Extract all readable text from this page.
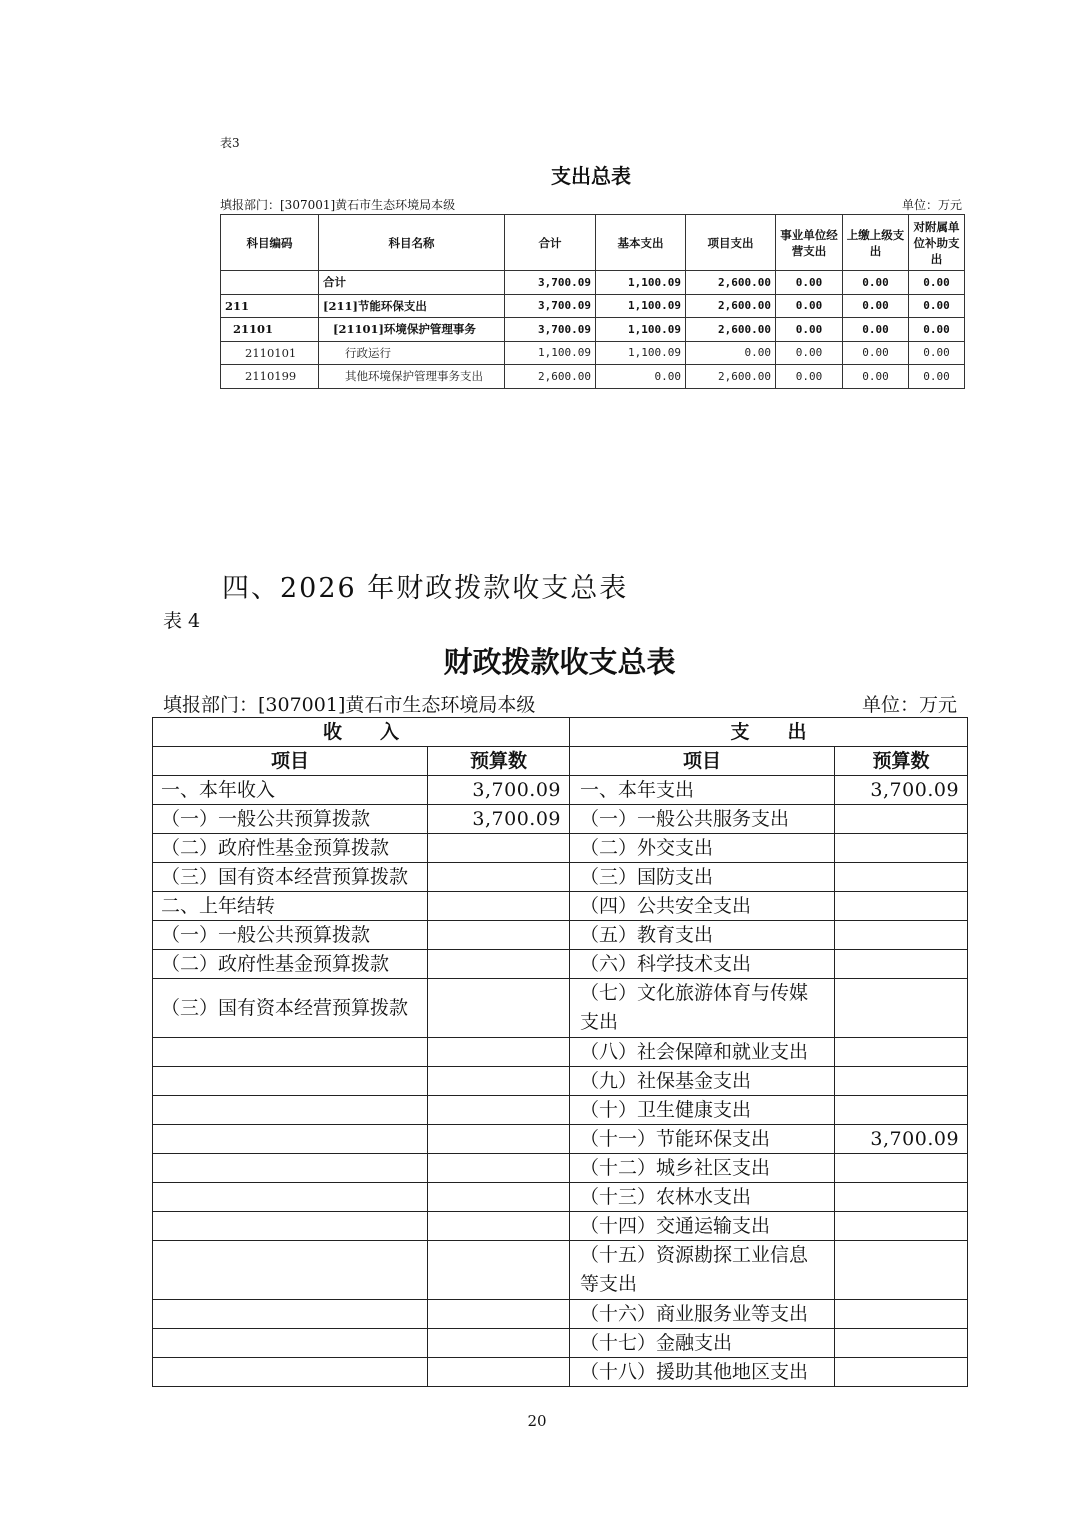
表3
支出总表
填报部门：[307001]黄石市生态环境局本级	单位：万元
科目编码	科目名称	合计	基本支出	项目支出	事业单位经营支出	上缴上级支出	对附属单位补助支出
	合计	3,700.09	1,100.09	2,600.00	0.00	0.00	0.00
211	[211]节能环保支出	3,700.09	1,100.09	2,600.00	0.00	0.00	0.00
21101	[21101]环境保护管理事务	3,700.09	1,100.09	2,600.00	0.00	0.00	0.00
2110101	行政运行	1,100.09	1,100.09	0.00	0.00	0.00	0.00
2110199	其他环境保护管理事务支出	2,600.00	0.00	2,600.00	0.00	0.00	0.00
四、2026 年财政拨款收支总表
表 4
财政拨款收支总表
填报部门：[307001]黄石市生态环境局本级	单位：万元
收　　入		支　　出	
项目	预算数	项目	预算数
一、本年收入	3,700.09	一、本年支出	3,700.09
（一）一般公共预算拨款	3,700.09	（一）一般公共服务支出	
（二）政府性基金预算拨款		（二）外交支出	
（三）国有资本经营预算拨款		（三）国防支出	
二、上年结转		（四）公共安全支出	
（一）一般公共预算拨款		（五）教育支出	
（二）政府性基金预算拨款		（六）科学技术支出	
（三）国有资本经营预算拨款		（七）文化旅游体育与传媒支出	
		（八）社会保障和就业支出	
		（九）社保基金支出	
		（十）卫生健康支出	
		（十一）节能环保支出	3,700.09
		（十二）城乡社区支出	
		（十三）农林水支出	
		（十四）交通运输支出	
		（十五）资源勘探工业信息等支出	
		（十六）商业服务业等支出	
		（十七）金融支出	
		（十八）援助其他地区支出	
20
